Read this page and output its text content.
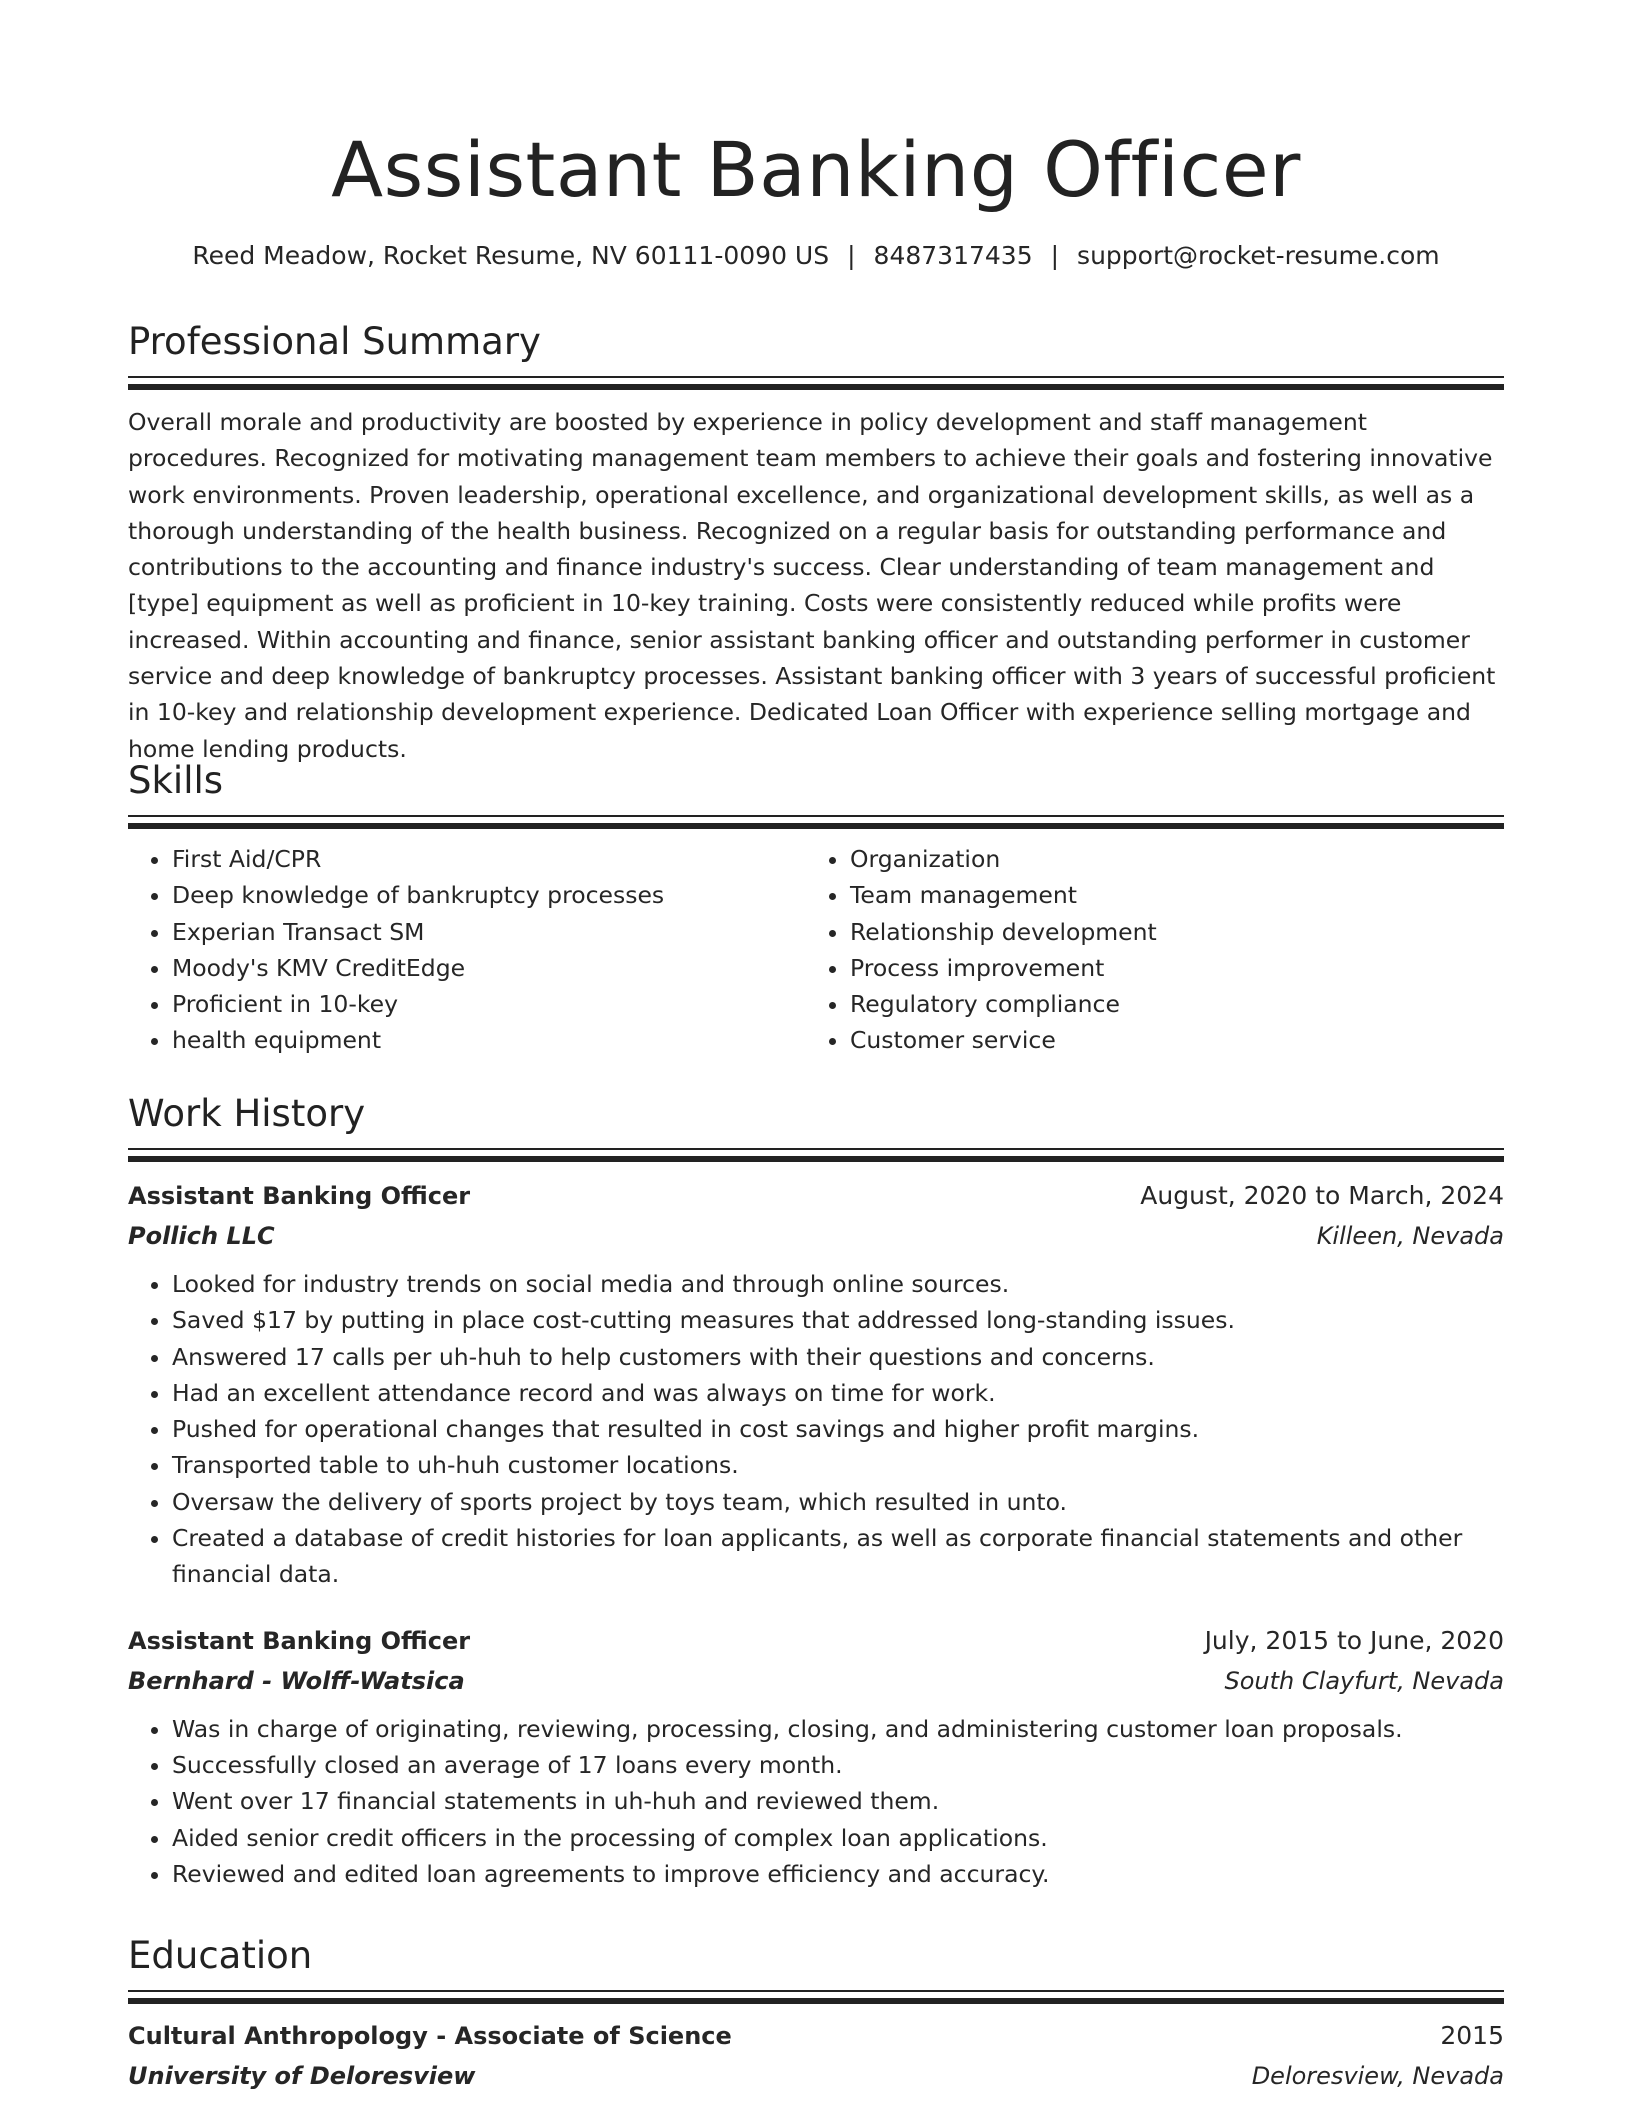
Assistant Banking Officer
Reed Meadow, Rocket Resume, NV 60111-0090 US | 8487317435 | support@rocket-resume.com
Professional Summary

Overall morale and productivity are boosted by experience in policy development and staff management procedures. Recognized for motivating management team members to achieve their goals and fostering innovative work environments. Proven leadership, operational excellence, and organizational development skills, as well as a thorough understanding of the health business. Recognized on a regular basis for outstanding performance and contributions to the accounting and finance industry's success. Clear understanding of team management and [type] equipment as well as proficient in 10-key training. Costs were consistently reduced while profits were increased. Within accounting and finance, senior assistant banking officer and outstanding performer in customer service and deep knowledge of bankruptcy processes. Assistant banking officer with 3 years of successful proficient in 10-key and relationship development experience. Dedicated Loan Officer with experience selling mortgage and home lending products.

Skills
• First Aid/CPR
• Deep knowledge of bankruptcy processes
• Experian Transact SM
• Moody's KMV CreditEdge
• Proficient in 10-key
• health equipment
• Organization
• Team management
• Relationship development
• Process improvement
• Regulatory compliance
• Customer service
Work History
Assistant Banking Officer	August, 2020 to March, 2024
Pollich LLC	Killeen, Nevada
• Looked for industry trends on social media and through online sources.
• Saved $17 by putting in place cost-cutting measures that addressed long-standing issues.
• Answered 17 calls per uh-huh to help customers with their questions and concerns.
• Had an excellent attendance record and was always on time for work.
• Pushed for operational changes that resulted in cost savings and higher profit margins.
• Transported table to uh-huh customer locations.
• Oversaw the delivery of sports project by toys team, which resulted in unto.
• Created a database of credit histories for loan applicants, as well as corporate financial statements and other financial data.
Assistant Banking Officer	July, 2015 to June, 2020
Bernhard - Wolff-Watsica	South Clayfurt, Nevada
• Was in charge of originating, reviewing, processing, closing, and administering customer loan proposals.
• Successfully closed an average of 17 loans every month.
• Went over 17 financial statements in uh-huh and reviewed them.
• Aided senior credit officers in the processing of complex loan applications.
• Reviewed and edited loan agreements to improve efficiency and accuracy.
Education
Cultural Anthropology - Associate of Science	2015
University of Deloresview	Deloresview, Nevada
